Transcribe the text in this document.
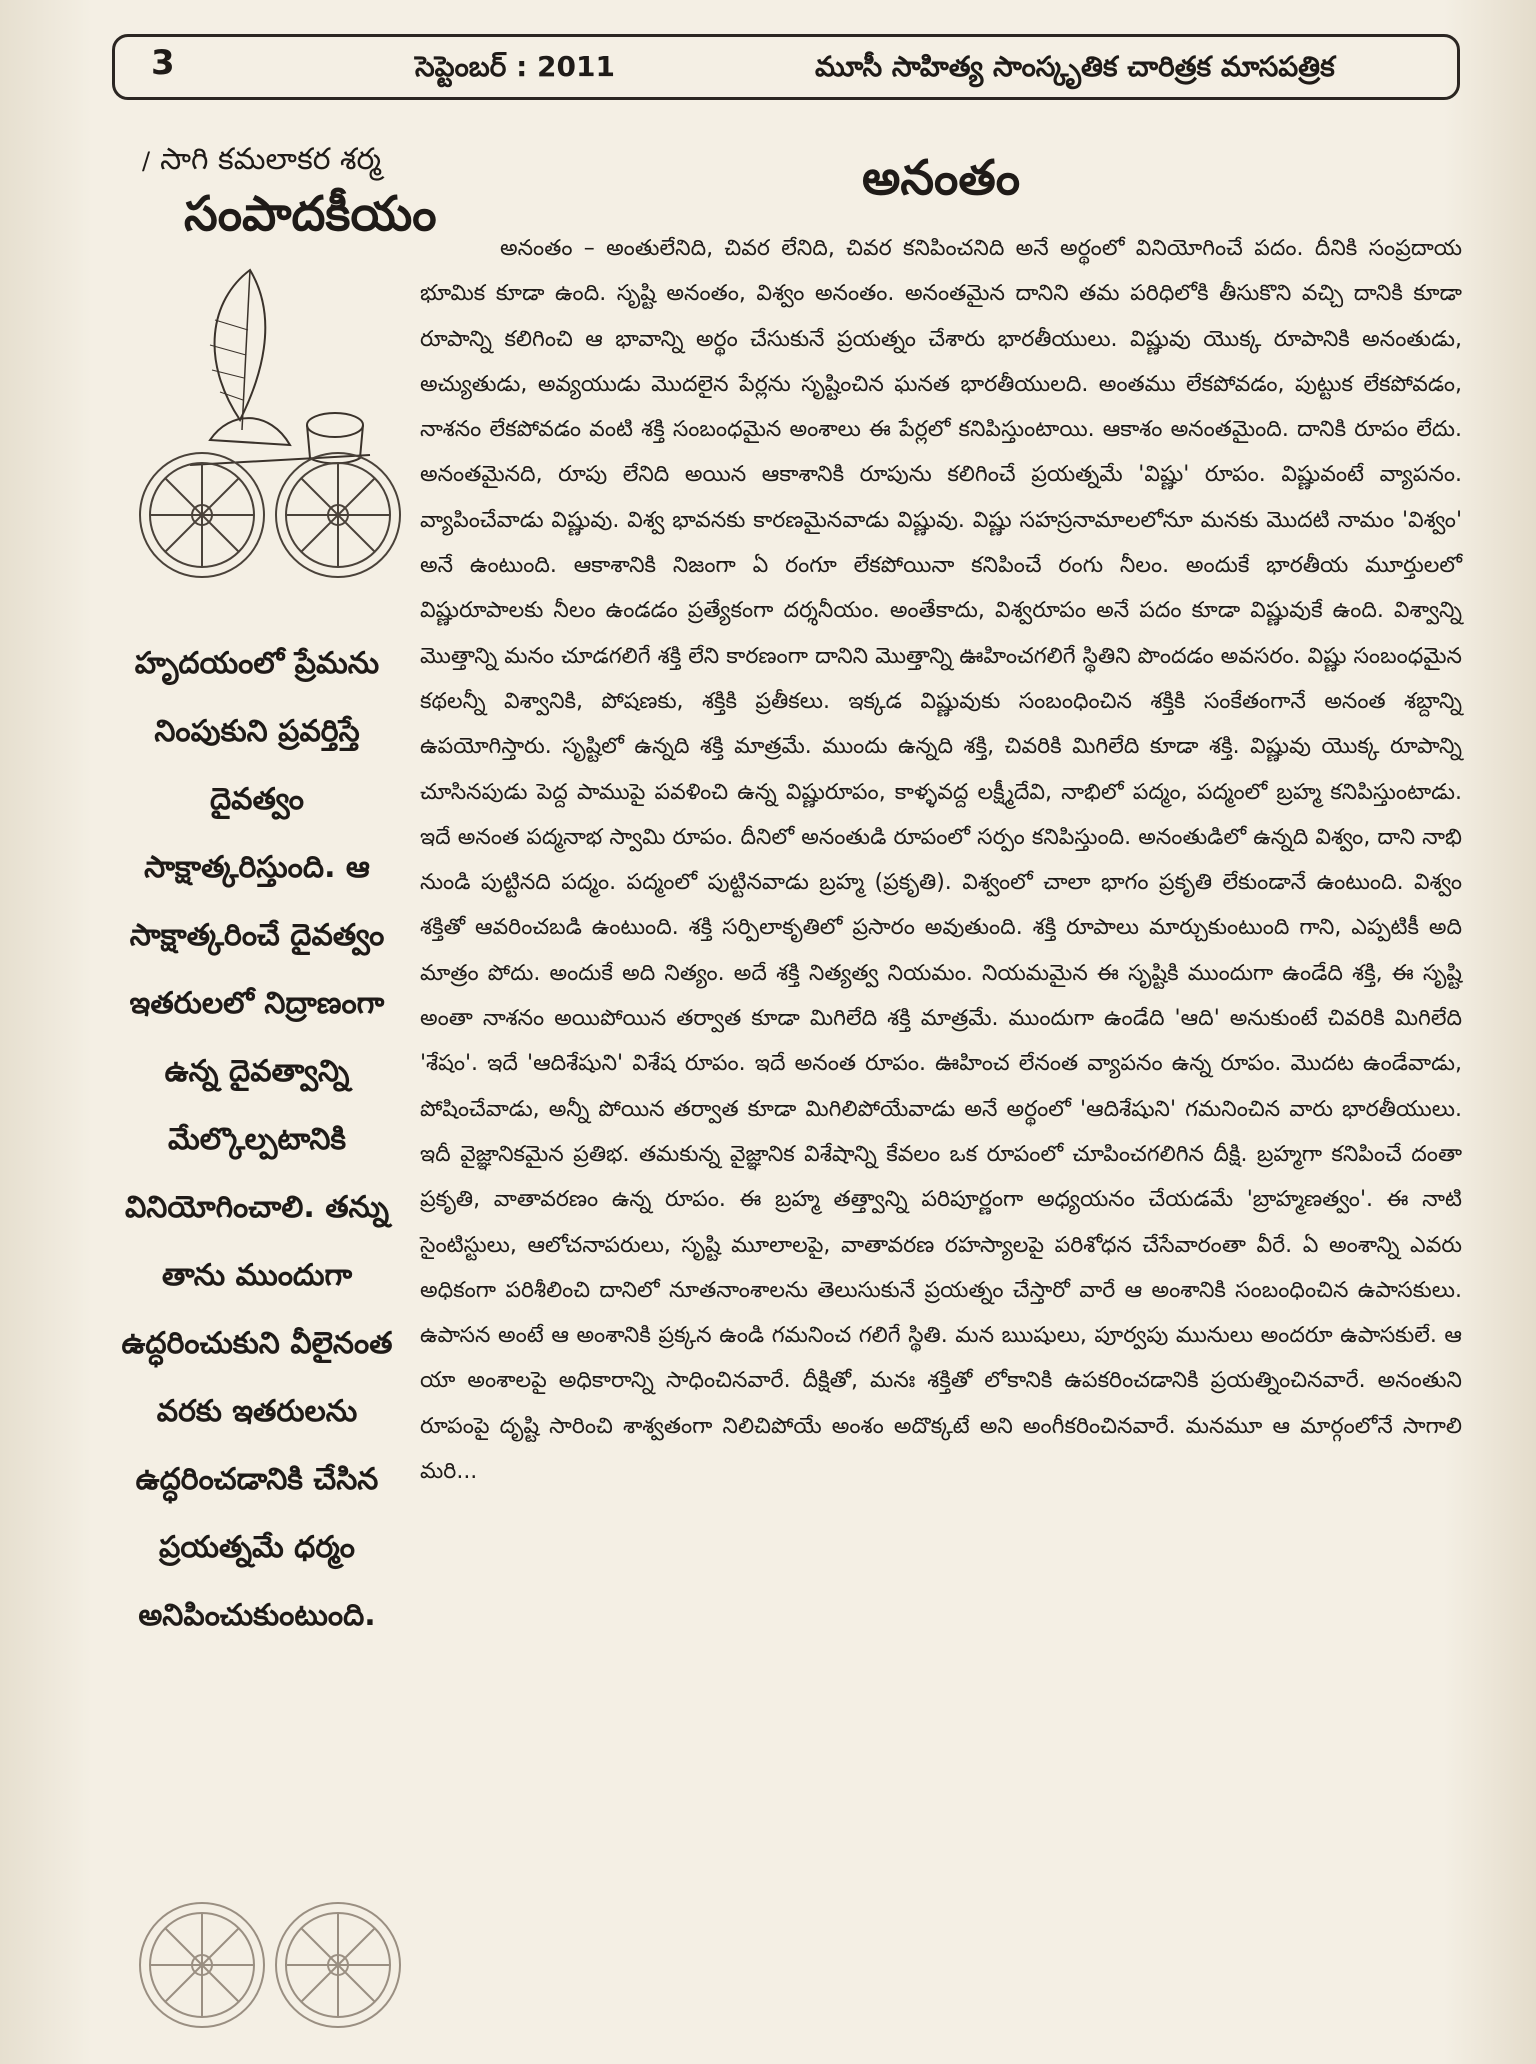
3	సెప్టెంబర్ : 2011	మూసీ సాహిత్య సాంస్కృతిక చారిత్రక మాసపత్రిక
/ సాగి కమలాకర శర్మ
సంపాదకీయం
హృదయంలో ప్రేమను నింపుకుని ప్రవర్తిస్తే దైవత్వం సాక్షాత్కరిస్తుంది. ఆ సాక్షాత్కరించే దైవత్వం ఇతరులలో నిద్రాణంగా ఉన్న దైవత్వాన్ని మేల్కొల్పటానికి వినియోగించాలి. తన్ను తాను ముందుగా ఉద్ధరించుకుని వీలైనంత వరకు ఇతరులను ఉద్ధరించడానికి చేసిన ప్రయత్నమే ధర్మం అనిపించుకుంటుంది.
అనంతం

అనంతం – అంతులేనిది, చివర లేనిది, చివర కనిపించనిది అనే అర్థంలో వినియోగించే పదం. దీనికి సంప్రదాయ భూమిక కూడా ఉంది. సృష్టి అనంతం, విశ్వం అనంతం. అనంతమైన దానిని తమ పరిధిలోకి తీసుకొని వచ్చి దానికి కూడా రూపాన్ని కలిగించి ఆ భావాన్ని అర్థం చేసుకునే ప్రయత్నం చేశారు భారతీయులు. విష్ణువు యొక్క రూపానికి అనంతుడు, అచ్యుతుడు, అవ్యయుడు మొదలైన పేర్లను సృష్టించిన ఘనత భారతీయులది. అంతము లేకపోవడం, పుట్టుక లేకపోవడం, నాశనం లేకపోవడం వంటి శక్తి సంబంధమైన అంశాలు ఈ పేర్లలో కనిపిస్తుంటాయి. ఆకాశం అనంతమైంది. దానికి రూపం లేదు. అనంతమైనది, రూపు లేనిది అయిన ఆకాశానికి రూపును కలిగించే ప్రయత్నమే 'విష్ణు' రూపం. విష్ణువంటే వ్యాపనం. వ్యాపించేవాడు విష్ణువు. విశ్వ భావనకు కారణమైనవాడు విష్ణువు. విష్ణు సహస్రనామాలలోనూ మనకు మొదటి నామం 'విశ్వం' అనే ఉంటుంది. ఆకాశానికి నిజంగా ఏ రంగూ లేకపోయినా కనిపించే రంగు నీలం. అందుకే భారతీయ మూర్తులలో విష్ణురూపాలకు నీలం ఉండడం ప్రత్యేకంగా దర్శనీయం. అంతేకాదు, విశ్వరూపం అనే పదం కూడా విష్ణువుకే ఉంది. విశ్వాన్ని మొత్తాన్ని మనం చూడగలిగే శక్తి లేని కారణంగా దానిని మొత్తాన్ని ఊహించగలిగే స్థితిని పొందడం అవసరం. విష్ణు సంబంధమైన కథలన్నీ విశ్వానికి, పోషణకు, శక్తికి ప్రతీకలు. ఇక్కడ విష్ణువుకు సంబంధించిన శక్తికి సంకేతంగానే అనంత శబ్దాన్ని ఉపయోగిస్తారు. సృష్టిలో ఉన్నది శక్తి మాత్రమే. ముందు ఉన్నది శక్తి, చివరికి మిగిలేది కూడా శక్తి. విష్ణువు యొక్క రూపాన్ని చూసినపుడు పెద్ద పాముపై పవళించి ఉన్న విష్ణురూపం, కాళ్ళవద్ద లక్ష్మీదేవి, నాభిలో పద్మం, పద్మంలో బ్రహ్మ కనిపిస్తుంటాడు. ఇదే అనంత పద్మనాభ స్వామి రూపం. దీనిలో అనంతుడి రూపంలో సర్పం కనిపిస్తుంది. అనంతుడిలో ఉన్నది విశ్వం, దాని నాభి నుండి పుట్టినది పద్మం. పద్మంలో పుట్టినవాడు బ్రహ్మ (ప్రకృతి). విశ్వంలో చాలా భాగం ప్రకృతి లేకుండానే ఉంటుంది. విశ్వం శక్తితో ఆవరించబడి ఉంటుంది. శక్తి సర్పిలాకృతిలో ప్రసారం అవుతుంది. శక్తి రూపాలు మార్చుకుంటుంది గాని, ఎప్పటికీ అది మాత్రం పోదు. అందుకే అది నిత్యం. అదే శక్తి నిత్యత్వ నియమం. నియమమైన ఈ సృష్టికి ముందుగా ఉండేది శక్తి, ఈ సృష్టి అంతా నాశనం అయిపోయిన తర్వాత కూడా మిగిలేది శక్తి మాత్రమే. ముందుగా ఉండేది 'ఆది' అనుకుంటే చివరికి మిగిలేది 'శేషం'. ఇదే 'ఆదిశేషుని' విశేష రూపం. ఇదే అనంత రూపం. ఊహించ లేనంత వ్యాపనం ఉన్న రూపం. మొదట ఉండేవాడు, పోషించేవాడు, అన్నీ పోయిన తర్వాత కూడా మిగిలిపోయేవాడు అనే అర్థంలో 'ఆదిశేషుని' గమనించిన వారు భారతీయులు. ఇదీ వైజ్ఞానికమైన ప్రతిభ. తమకున్న వైజ్ఞానిక విశేషాన్ని కేవలం ఒక రూపంలో చూపించగలిగిన దీక్షి. బ్రహ్మగా కనిపించే దంతా ప్రకృతి, వాతావరణం ఉన్న రూపం. ఈ బ్రహ్మ తత్త్వాన్ని పరిపూర్ణంగా అధ్యయనం చేయడమే 'బ్రాహ్మణత్వం'. ఈ నాటి సైంటిస్టులు, ఆలోచనాపరులు, సృష్టి మూలాలపై, వాతావరణ రహస్యాలపై పరిశోధన చేసేవారంతా వీరే. ఏ అంశాన్ని ఎవరు అధికంగా పరిశీలించి దానిలో నూతనాంశాలను తెలుసుకునే ప్రయత్నం చేస్తారో వారే ఆ అంశానికి సంబంధించిన ఉపాసకులు. ఉపాసన అంటే ఆ అంశానికి ప్రక్కన ఉండి గమనించ గలిగే స్థితి. మన ఋషులు, పూర్వపు మునులు అందరూ ఉపాసకులే. ఆ యా అంశాలపై అధికారాన్ని సాధించినవారే. దీక్షితో, మనః శక్తితో లోకానికి ఉపకరించడానికి ప్రయత్నించినవారే. అనంతుని రూపంపై దృష్టి సారించి శాశ్వతంగా నిలిచిపోయే అంశం అదొక్కటే అని అంగీకరించినవారే. మనమూ ఆ మార్గంలోనే సాగాలి మరి...
